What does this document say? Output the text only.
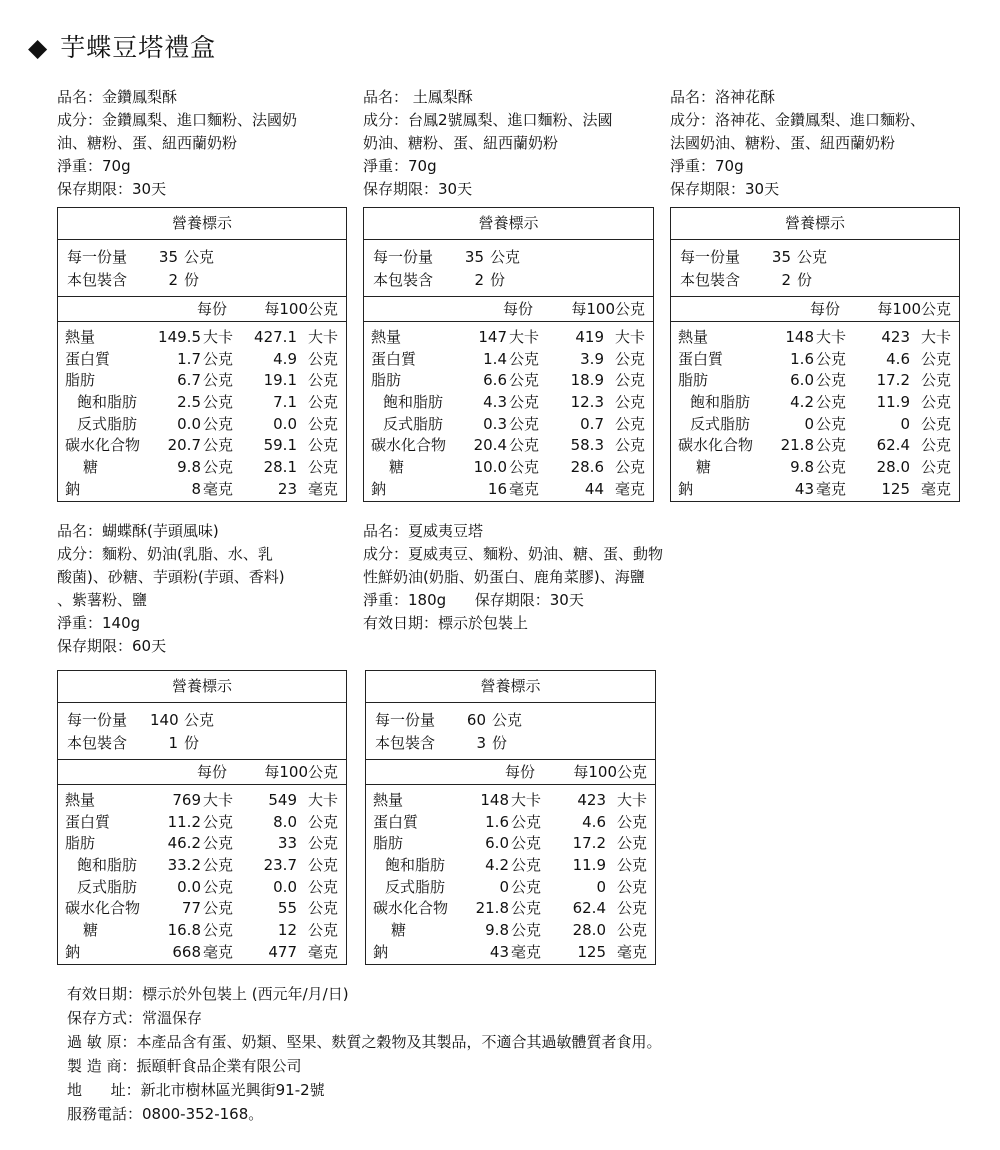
◆ 芋蝶豆塔禮盒
品名：金鑽鳳梨酥
成分：金鑽鳳梨、進口麵粉、法國奶
油、糖粉、蛋、紐西蘭奶粉
淨重：70g
保存期限：30天
營養標示
每一份量 35 公克
本包裝含	2 份
每份 每100公克
熱量	149.5 大卡 427.1 大卡
蛋白質	1.7 公克	4.9 公克
脂肪	6.7 公克 19.1 公克
飽和脂肪	2.5 公克	7.1 公克
反式脂肪	0.0 公克	0.0 公克
碳水化合物 20.7 公克 59.1 公克
糖	9.8 公克 28.1 公克
鈉	8 毫克	23 毫克
品名： 土鳳梨酥
成分：台鳳2號鳳梨、進口麵粉、法國
奶油、糖粉、蛋、紐西蘭奶粉
淨重：70g
保存期限：30天
營養標示
每一份量 35 公克
本包裝含	2 份
每份	每100公克
熱量	147 大卡 419 大卡
蛋白質	1.4 公克	3.9 公克
脂肪	6.6 公克 18.9 公克
飽和脂肪	4.3 公克 12.3 公克
反式脂肪	0.3 公克	0.7 公克
碳水化合物 20.4 公克 58.3 公克
糖	10.0 公克 28.6 公克
鈉	16 毫克	44 毫克
品名：洛神花酥
成分：洛神花、金鑽鳳梨、進口麵粉、
法國奶油、糖粉、蛋、紐西蘭奶粉
淨重：70g
保存期限：30天
營養標示
每一份量 35 公克
本包裝含	2 份
每份 每100公克
熱量	148 大卡 423 大卡
蛋白質	1.6 公克	4.6 公克
脂肪	6.0 公克 17.2 公克
飽和脂肪	4.2 公克 11.9 公克
反式脂肪	0 公克	0 公克
碳水化合物 21.8 公克 62.4 公克
糖	9.8 公克 28.0 公克
鈉	43 毫克 125 毫克
品名：蝴蝶酥(芋頭風味)
成分：麵粉、奶油(乳脂、水、乳
酸菌)、砂糖、芋頭粉(芋頭、香料)
、紫薯粉、鹽
淨重：140g
保存期限：60天
營養標示
每一份量 140 公克
本包裝含	1 份
每份 每100公克
熱量	769 大卡 549 大卡
蛋白質	11.2 公克	8.0 公克
脂肪	46.2 公克	33 公克
飽和脂肪 33.2 公克 23.7 公克
反式脂肪	0.0 公克	0.0 公克
碳水化合物	77 公克	55 公克
糖	16.8 公克	12 公克
鈉	668 毫克 477 毫克
品名：夏威夷豆塔
成分：夏威夷豆、麵粉、奶油、糖、蛋、動物
性鮮奶油(奶脂、奶蛋白、鹿角菜膠)、海鹽
淨重：180g      保存期限：30天
有效日期：標示於包裝上
營養標示
每一份量 60 公克
本包裝含	3 份
每份	每100公克
熱量	148 大卡 423 大卡
蛋白質	1.6 公克	4.6 公克
脂肪	6.0 公克 17.2 公克
飽和脂肪	4.2 公克 11.9 公克
反式脂肪	0 公克	0 公克
碳水化合物 21.8 公克 62.4 公克
糖	9.8 公克 28.0 公克
鈉	43 毫克 125 毫克
有效日期：標示於外包裝上 (西元年/月/日)
保存方式：常溫保存
過 敏 原：本產品含有蛋、奶類、堅果、麩質之穀物及其製品，不適合其過敏體質者食用。
製 造 商：振頤軒食品企業有限公司
地      址：新北市樹林區光興街91-2號
服務電話：0800-352-168。
